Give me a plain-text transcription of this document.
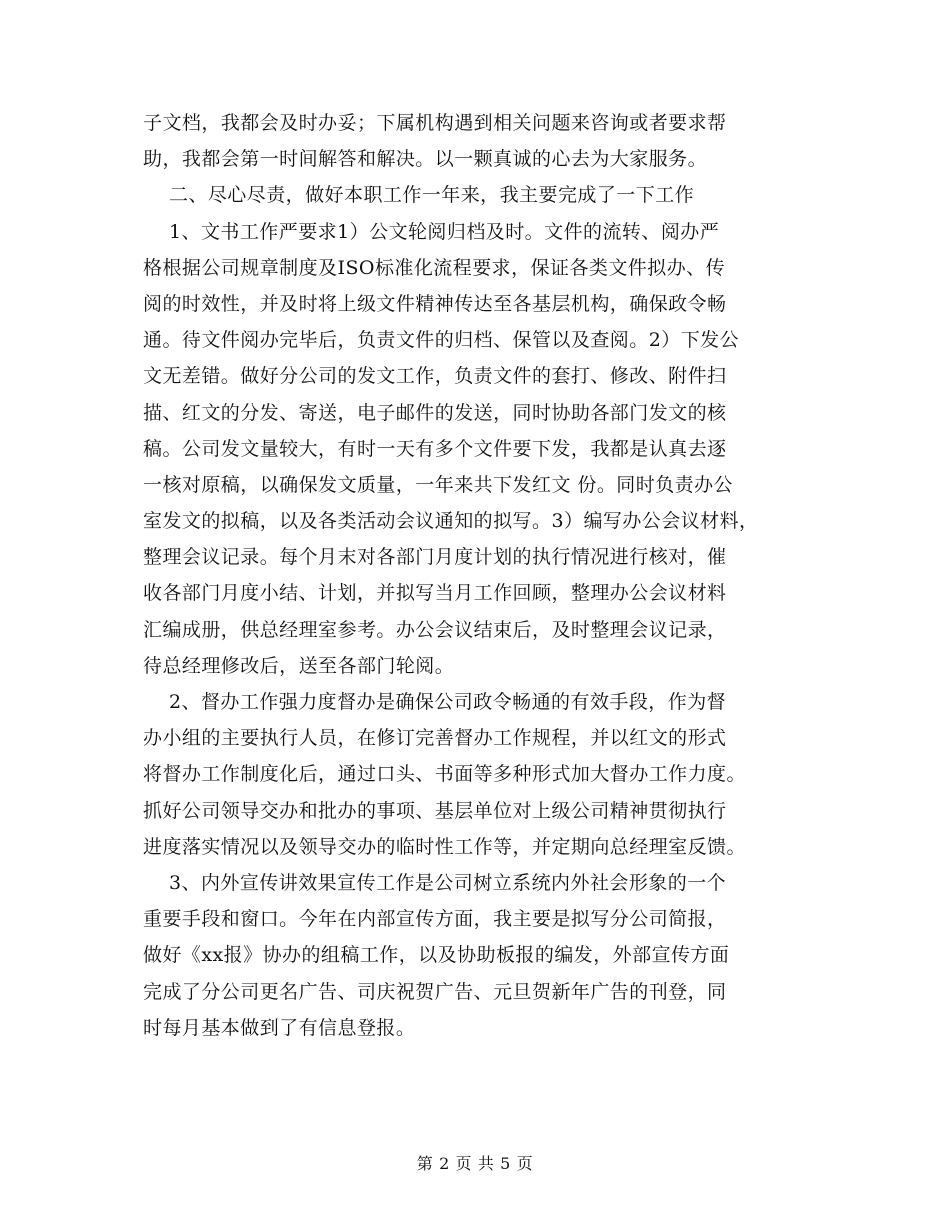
子文档，我都会及时办妥；下属机构遇到相关问题来咨询或者要求帮
助，我都会第一时间解答和解决。以一颗真诚的心去为大家服务。
二、尽心尽责，做好本职工作一年来，我主要完成了一下工作
1、文书工作严要求1）公文轮阅归档及时。文件的流转、阅办严
格根据公司规章制度及ISO标准化流程要求，保证各类文件拟办、传
阅的时效性，并及时将上级文件精神传达至各基层机构，确保政令畅
通。待文件阅办完毕后，负责文件的归档、保管以及查阅。2）下发公
文无差错。做好分公司的发文工作，负责文件的套打、修改、附件扫
描、红文的分发、寄送，电子邮件的发送，同时协助各部门发文的核
稿。公司发文量较大，有时一天有多个文件要下发，我都是认真去逐
一核对原稿，以确保发文质量，一年来共下发红文 份。同时负责办公
室发文的拟稿，以及各类活动会议通知的拟写。3）编写办公会议材料，
整理会议记录。每个月末对各部门月度计划的执行情况进行核对，催
收各部门月度小结、计划，并拟写当月工作回顾，整理办公会议材料
汇编成册，供总经理室参考。办公会议结束后，及时整理会议记录，
待总经理修改后，送至各部门轮阅。
2、督办工作强力度督办是确保公司政令畅通的有效手段，作为督
办小组的主要执行人员，在修订完善督办工作规程，并以红文的形式
将督办工作制度化后，通过口头、书面等多种形式加大督办工作力度。
抓好公司领导交办和批办的事项、基层单位对上级公司精神贯彻执行
进度落实情况以及领导交办的临时性工作等，并定期向总经理室反馈。
3、内外宣传讲效果宣传工作是公司树立系统内外社会形象的一个
重要手段和窗口。今年在内部宣传方面，我主要是拟写分公司简报，
做好《xx报》协办的组稿工作，以及协助板报的编发，外部宣传方面
完成了分公司更名广告、司庆祝贺广告、元旦贺新年广告的刊登，同
时每月基本做到了有信息登报。
第 2 页 共 5 页
